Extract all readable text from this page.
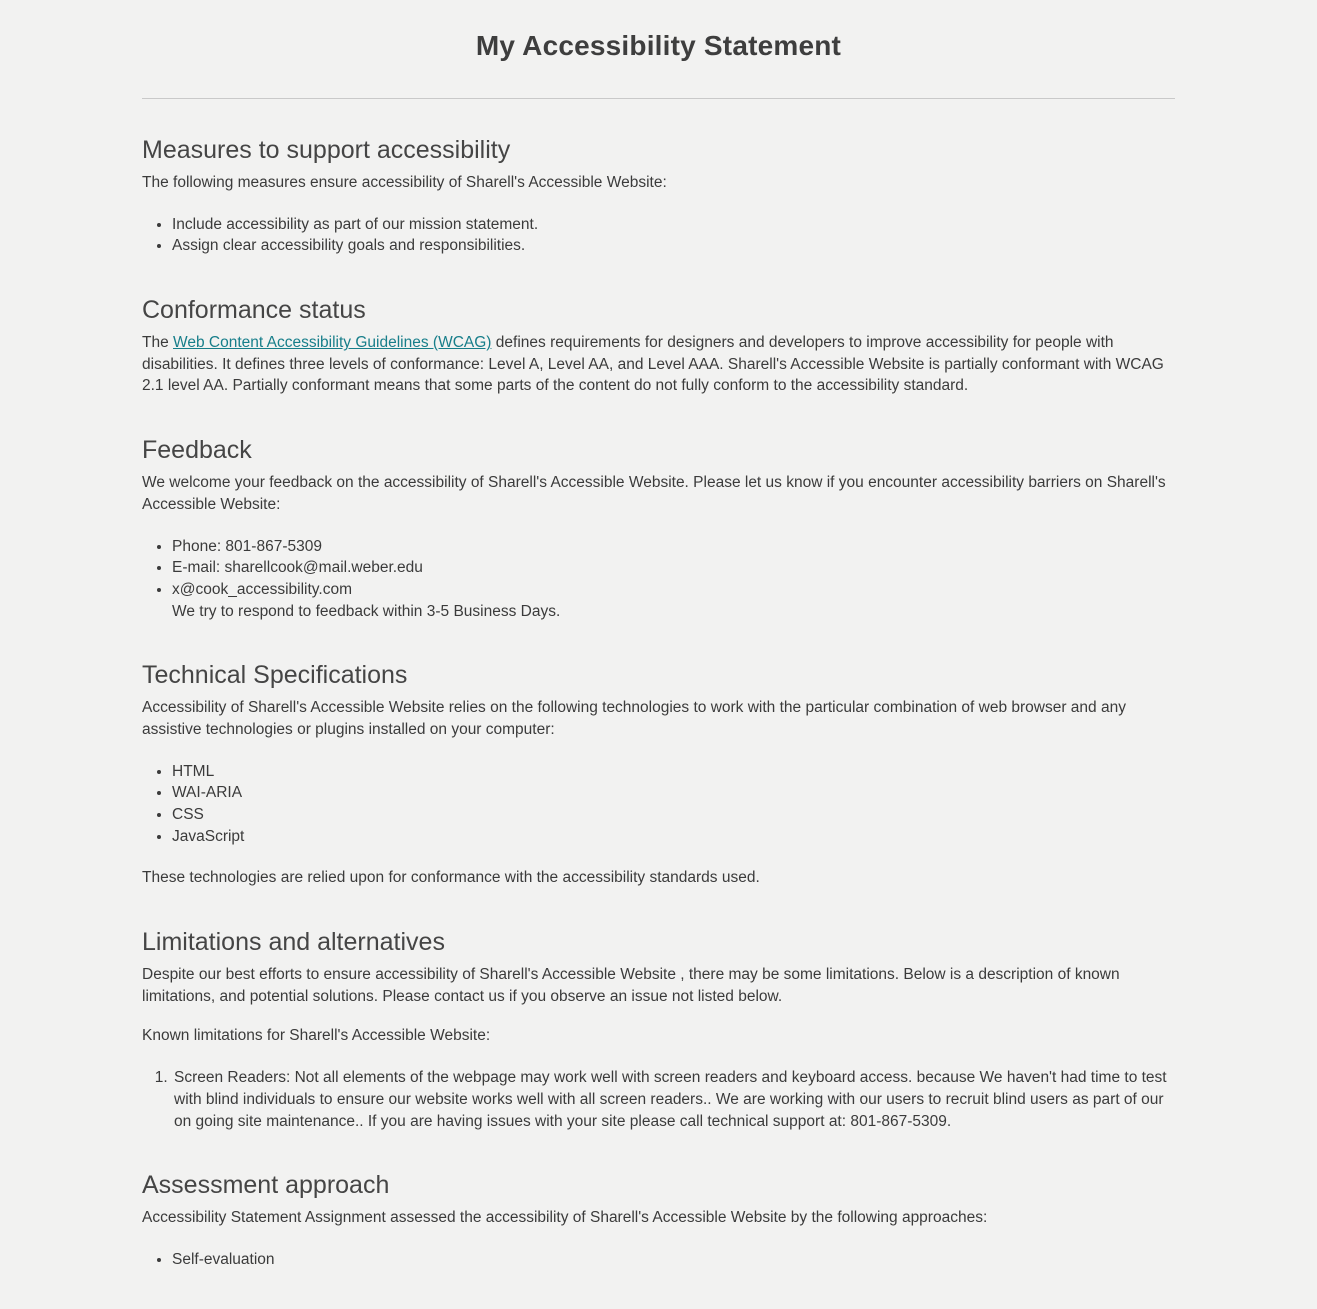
My Accessibility Statement
Measures to support accessibility

The following measures ensure accessibility of Sharell's Accessible Website:

• Include accessibility as part of our mission statement.
• Assign clear accessibility goals and responsibilities.
Conformance status

The Web Content Accessibility Guidelines (WCAG) defines requirements for designers and developers to improve accessibility for people with disabilities. It defines three levels of conformance: Level A, Level AA, and Level AAA. Sharell's Accessible Website is partially conformant with WCAG 2.1 level AA. Partially conformant means that some parts of the content do not fully conform to the accessibility standard.

Feedback

We welcome your feedback on the accessibility of Sharell's Accessible Website. Please let us know if you encounter accessibility barriers on Sharell's Accessible Website:

• Phone: 801-867-5309
• E-mail: sharellcook@mail.weber.edu
• x@cook_accessibility.com
We try to respond to feedback within 3-5 Business Days.
Technical Specifications

Accessibility of Sharell's Accessible Website relies on the following technologies to work with the particular combination of web browser and any assistive technologies or plugins installed on your computer:

• HTML
• WAI-ARIA
• CSS
• JavaScript

These technologies are relied upon for conformance with the accessibility standards used.

Limitations and alternatives

Despite our best efforts to ensure accessibility of Sharell's Accessible Website , there may be some limitations. Below is a description of known limitations, and potential solutions. Please contact us if you observe an issue not listed below.

Known limitations for Sharell's Accessible Website:

1. Screen Readers: Not all elements of the webpage may work well with screen readers and keyboard access. because We haven't had time to test with blind individuals to ensure our website works well with all screen readers.. We are working with our users to recruit blind users as part of our on going site maintenance.. If you are having issues with your site please call technical support at: 801-867-5309.
Assessment approach

Accessibility Statement Assignment assessed the accessibility of Sharell's Accessible Website by the following approaches:

• Self-evaluation
